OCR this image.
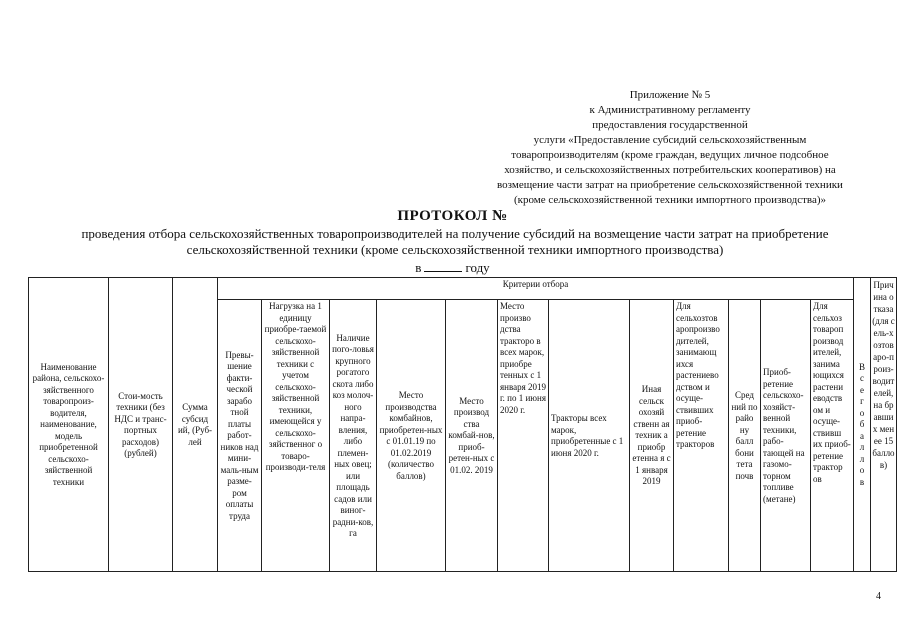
Приложение № 5
к Административному регламенту
предоставления государственной
услуги «Предоставление субсидий сельскохозяйственным
товаропроизводителям (кроме граждан, ведущих личное подсобное
хозяйство, и сельскохозяйственных потребительских кооперативов) на
возмещение части затрат на приобретение сельскохозяйственной техники
(кроме сельскохозяйственной техники импортного производства)»
ПРОТОКОЛ №
проведения отбора сельскохозяйственных товаропроизводителей на получение субсидий на возмещение части затрат на приобретение сельскохозяйственной техники (кроме сельскохозяйственной техники импортного производства)
в	году
Наименование района, сельскохо-зяйственного товаропроиз-водителя, наименование, модель приобретенной сельскохо-зяйственной техники
Стои-мость техники (без НДС и транс-портных расходов) (рублей)
Сумма субсид ий, (Руб-лей
Критерии отбора
Превы-шение факти-ческой зарабо тной платы работ-ников над мини-маль-ным разме-ром оплаты труда
Нагрузка на 1 единицу приобре-таемой сельскохо-зяйственной техники с учетом сельскохо-зяйственной техники, имеющейся у сельскохо-зяйственног о товаро-производи-теля
Наличие пого-ловья крупного рогатого скота либо коз молоч-ного напра-вления, либо племен-ных овец; или площадь садов или виног-радни-ков, га
Место производства комбайнов, приобретен-ных с 01.01.19 по 01.02.2019 (количество баллов)
Место производ ства комбай-нов, приоб-ретен-ных с 01.02. 2019
Место произво дства тракторо в всех марок, приобре тенных с 1 января 2019 г. по 1 июня 2020 г.
Тракторы всех марок, приобретенные с 1 июня 2020 г.
Иная сельск охозяй ственн ая техник а приобр етенна я с 1 января 2019
Для сельхозтов аропроизво дителей, занимающ ихся растениево дством и осуще-ствивших приоб-ретение тракторов
Сред ний по райо ну балл бони тета почв
Приоб-ретение сельскохо-хозяйст-венной техники, рабо-тающей на газомо-торном топливе (метане)
Для сельхоз товароп роизвод ителей, занима ющихся растени еводств ом и осуще-ствивш их приоб-ретение трактор ов
Всего баллов
Причина отказа (для сель-хозтоваро-произ-водителей,на бравших менее 15 баллов)
4
